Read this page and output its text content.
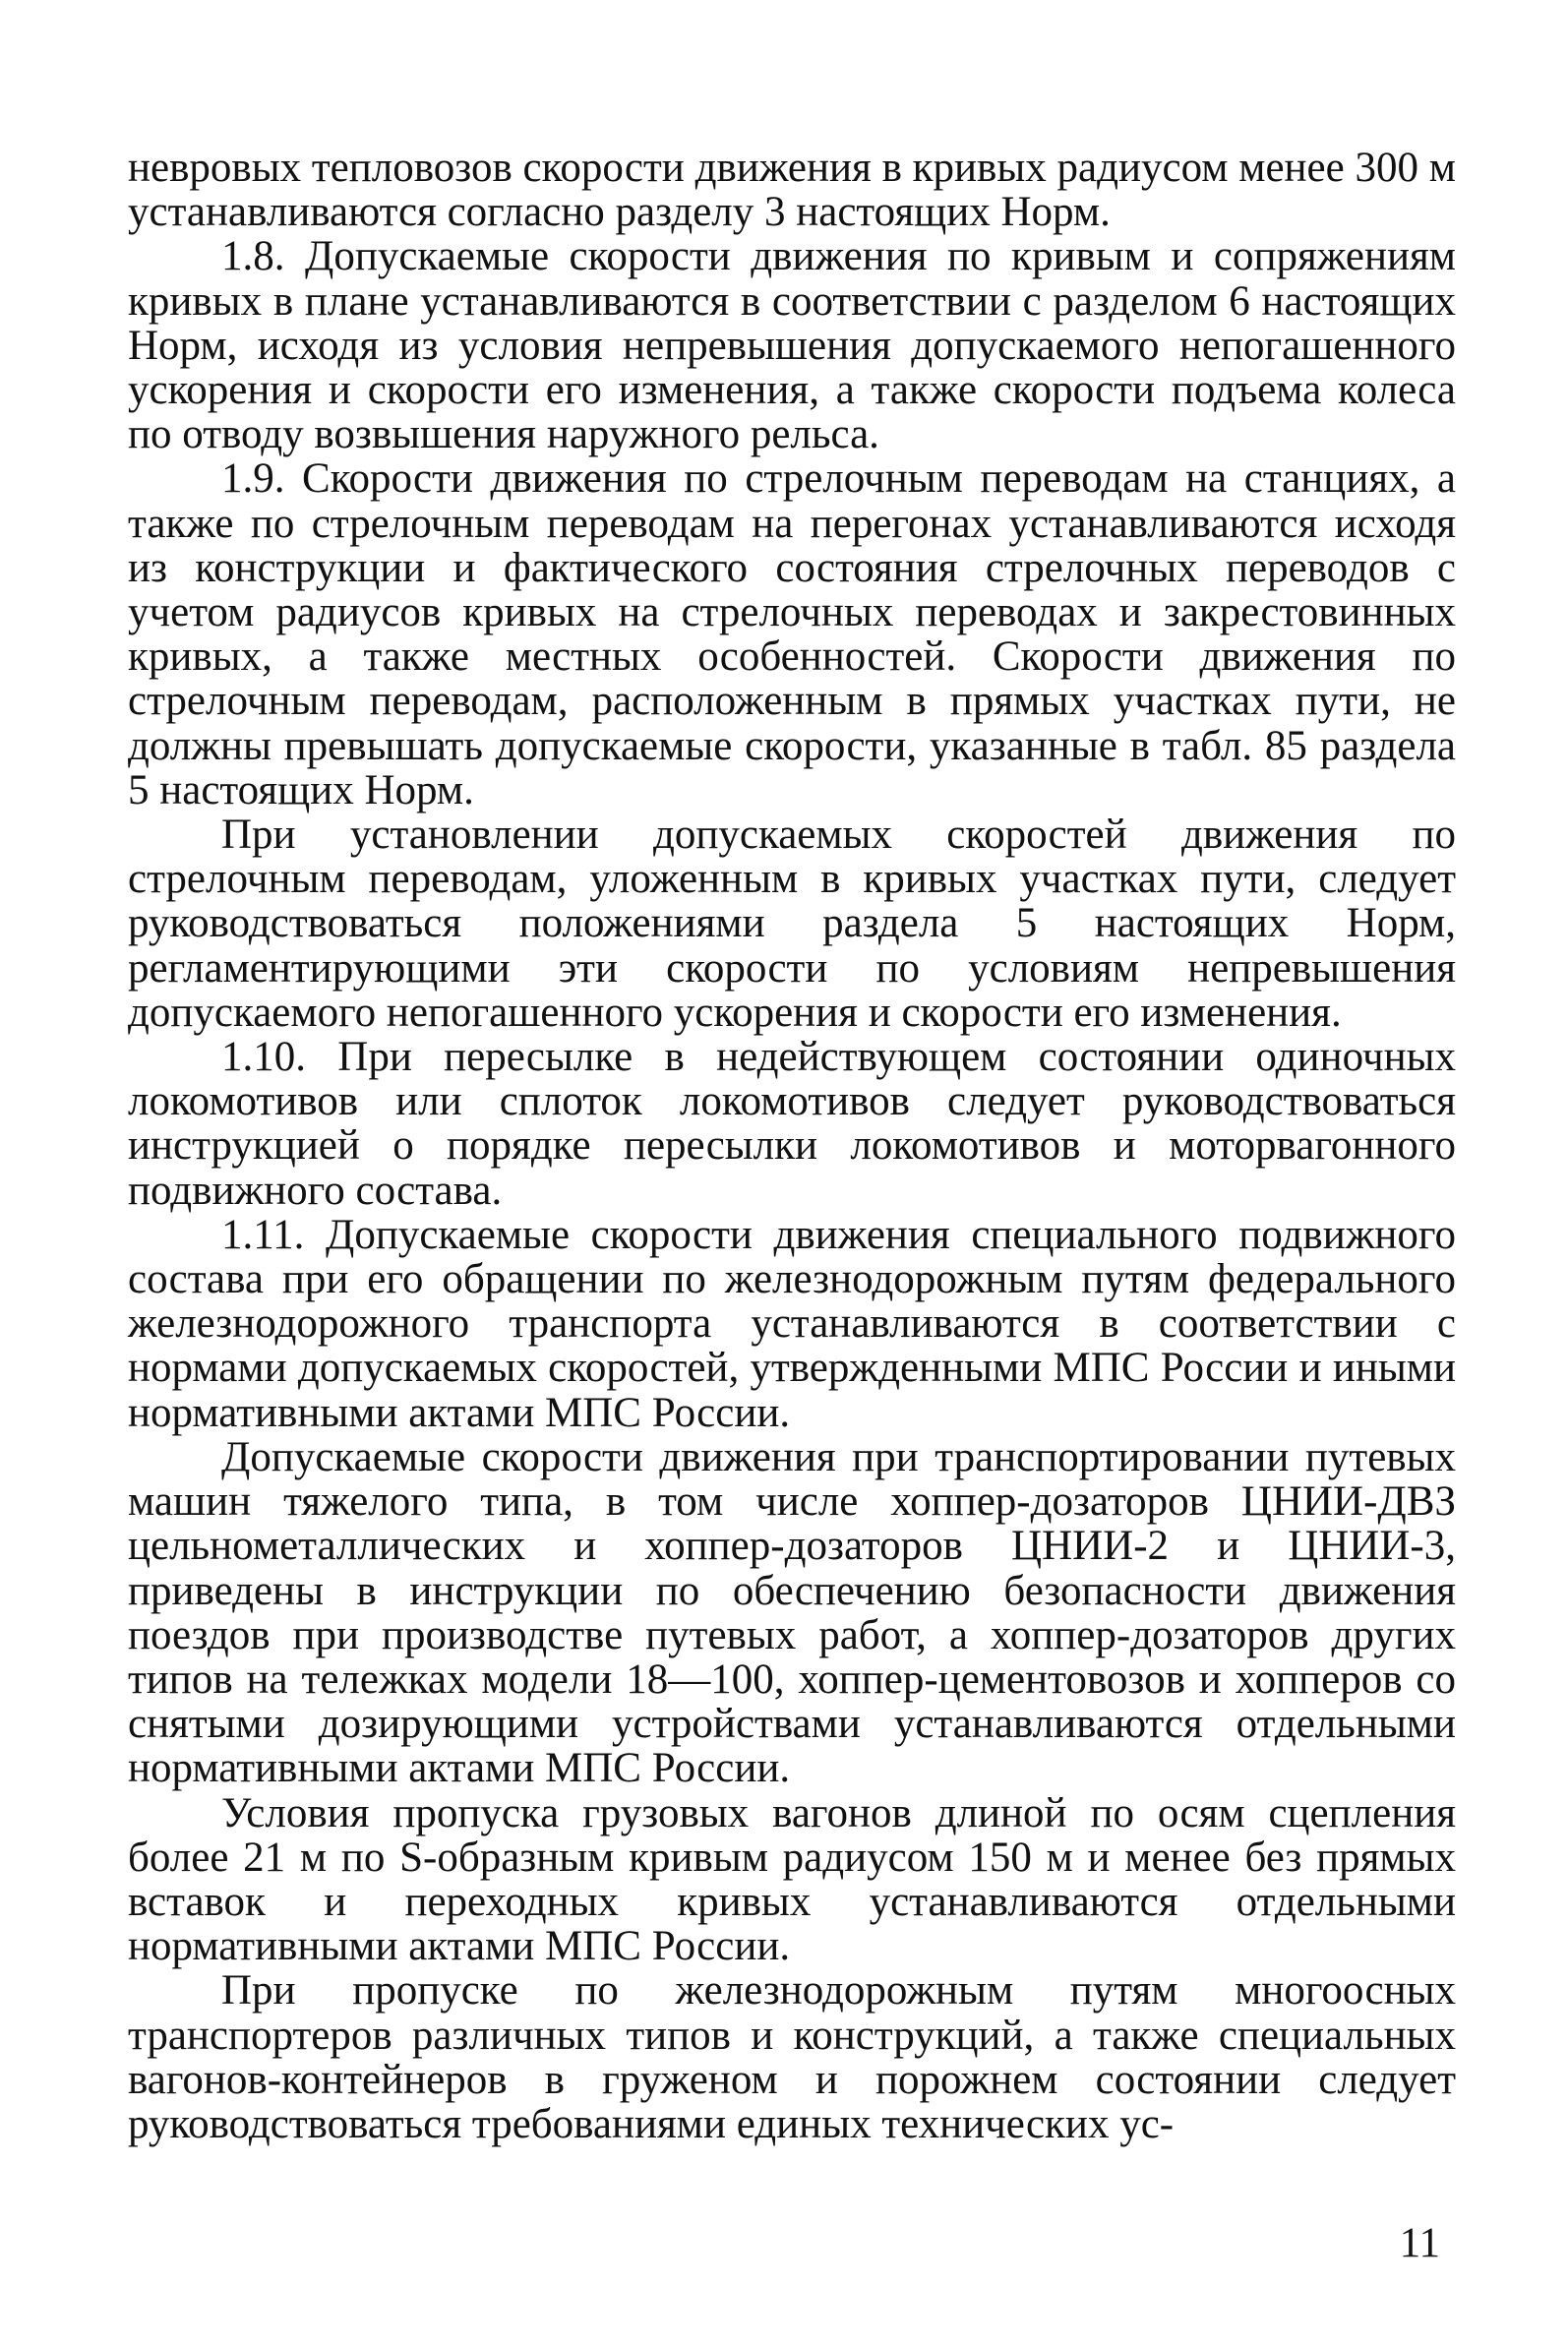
невровых тепловозов скорости движения в кривых радиусом менее 300 м устанавливаются согласно разделу 3 настоящих Норм.

1.8. Допускаемые скорости движения по кривым и сопряжениям кривых в плане устанавливаются в соответствии с разделом 6 настоящих Норм, исходя из условия непревышения допускаемого непогашенного ускорения и скорости его изменения, а также скорости подъема колеса по отводу возвышения наружного рельса.

1.9. Скорости движения по стрелочным переводам на станциях, а также по стрелочным переводам на перегонах устанавливаются исходя из конструкции и фактического состояния стрелочных переводов с учетом радиусов кривых на стрелочных переводах и закрестовинных кривых, а также местных особенностей. Скорости движения по стрелочным переводам, расположенным в прямых участках пути, не должны превышать допускаемые скорости, указанные в табл. 85 раздела 5 настоящих Норм.

При установлении допускаемых скоростей движения по стрелочным переводам, уложенным в кривых участках пути, следует руководствоваться положениями раздела 5 настоящих Норм, регламентирующими эти скорости по условиям непревышения допускаемого непогашенного ускорения и скорости его изменения.

1.10. При пересылке в недействующем состоянии одиночных локомотивов или сплоток локомотивов следует руководствоваться инструкцией о порядке пересылки локомотивов и моторвагонного подвижного состава.

1.11. Допускаемые скорости движения специального подвижного состава при его обращении по железнодорожным путям федерального железнодорожного транспорта устанавливаются в соответствии с нормами допускаемых скоростей, утвержденными МПС России и иными нормативными актами МПС России.

Допускаемые скорости движения при транспортировании путевых машин тяжелого типа, в том числе хоппер-дозаторов ЦНИИ-ДВЗ цельнометаллических и хоппер-дозаторов ЦНИИ-2 и ЦНИИ-3, приведены в инструкции по обеспечению безопасности движения поездов при производстве путевых работ, а хоппер-дозаторов других типов на тележках модели 18—100, хоппер-цементовозов и хопперов со снятыми дозирующими устройствами устанавливаются отдельными нормативными актами МПС России.

Условия пропуска грузовых вагонов длиной по осям сцепления более 21 м по S-образным кривым радиусом 150 м и менее без прямых вставок и переходных кривых устанавливаются отдельными нормативными актами МПС России.

При пропуске по железнодорожным путям многоосных транспортеров различных типов и конструкций, а также специальных вагонов-контейнеров в груженом и порожнем состоянии следует руководствоваться требованиями единых технических ус-

11
